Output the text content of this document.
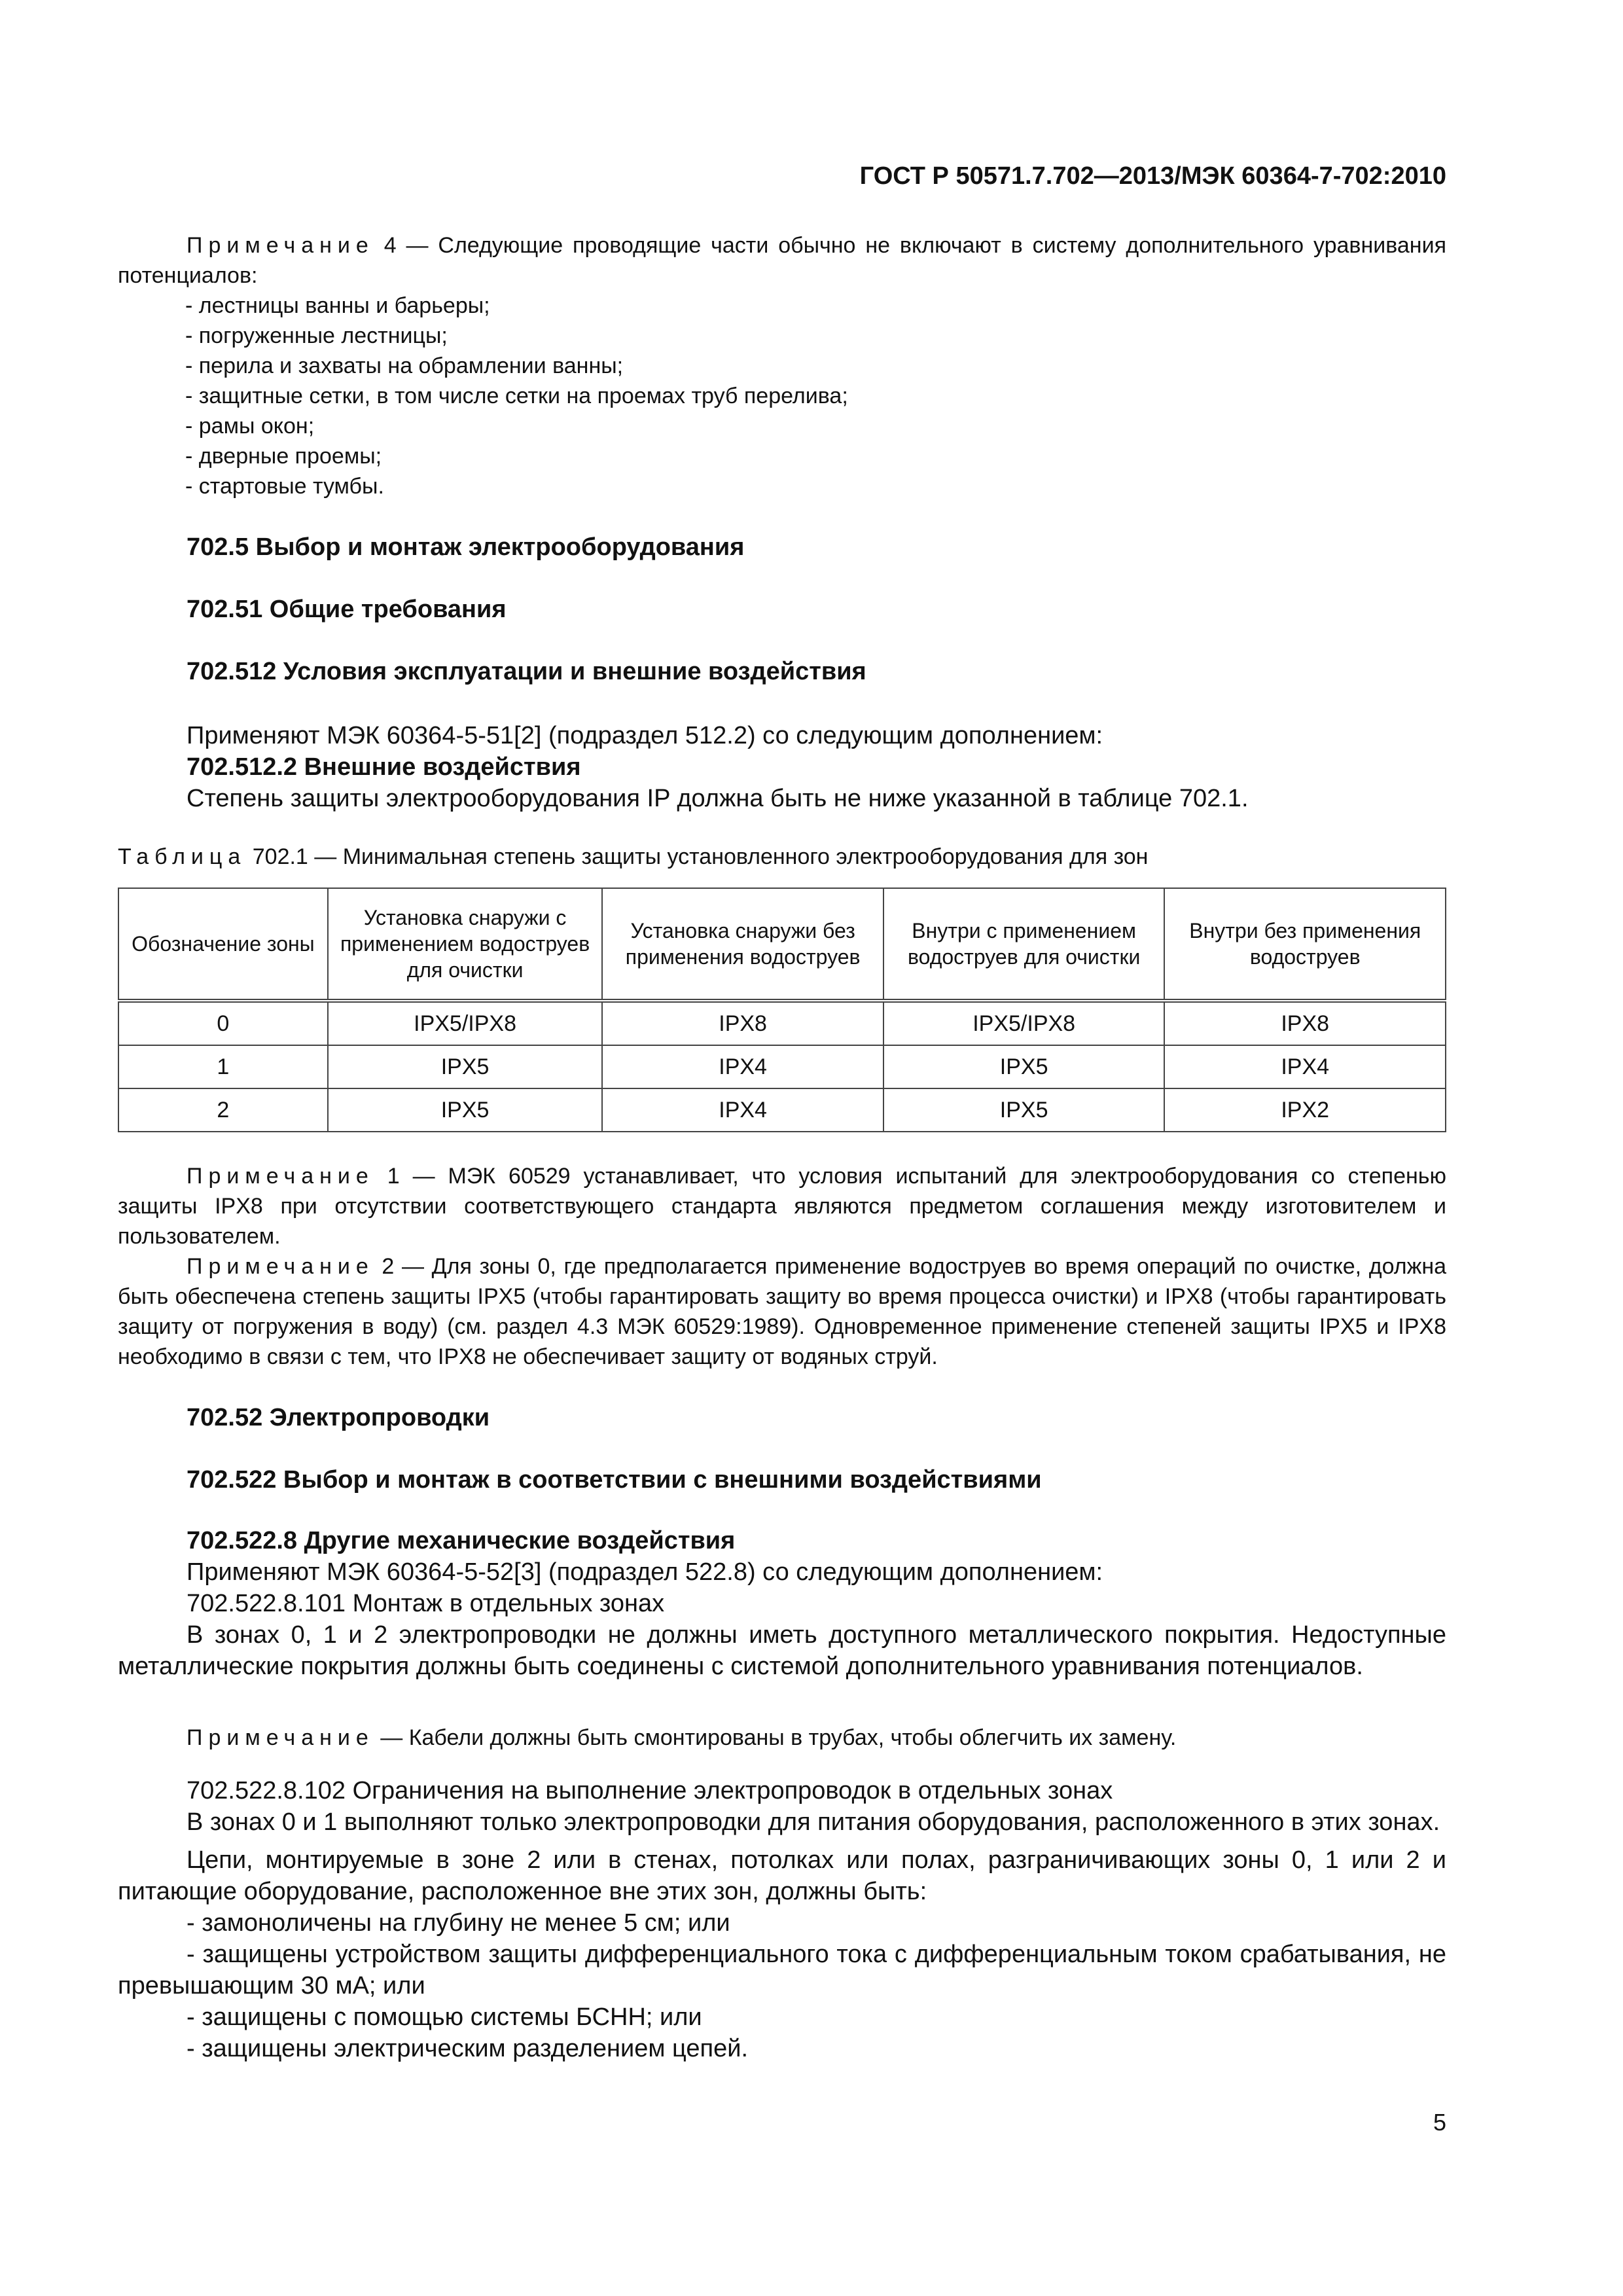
ГОСТ Р 50571.7.702—2013/МЭК 60364-7-702:2010
Примечание 4 — Следующие проводящие части обычно не включают в систему дополнительного уравнивания потенциалов:

- лестницы ванны и барьеры;

- погруженные лестницы;

- перила и захваты на обрамлении ванны;

- защитные сетки, в том числе сетки на проемах труб перелива;

- рамы окон;

- дверные проемы;

- стартовые тумбы.

702.5 Выбор и монтаж электрооборудования
702.51 Общие требования
702.512 Условия эксплуатации и внешние воздействия

Применяют МЭК 60364-5-51[2] (подраздел 512.2) со следующим дополнением:

702.512.2 Внешние воздействия

Степень защиты электрооборудования IP должна быть не ниже указанной в таблице 702.1.

Таблица 702.1 — Минимальная степень защиты установленного электрооборудования для зон
Обозначение зоны	Установка снаружи с применением водоструев для очистки	Установка снаружи без применения водоструев	Внутри с применением водоструев для очистки	Внутри без применения водоструев
0	IPX5/IPX8	IPX8	IPX5/IPX8	IPX8
1	IPX5	IPX4	IPX5	IPX4
2	IPX5	IPX4	IPX5	IPX2
Примечание 1 — МЭК 60529 устанавливает, что условия испытаний для электрооборудования со степенью защиты IPX8 при отсутствии соответствующего стандарта являются предметом соглашения между изготовителем и пользователем.
Примечание 2 — Для зоны 0, где предполагается применение водоструев во время операций по очистке, должна быть обеспечена степень защиты IPX5 (чтобы гарантировать защиту во время процесса очистки) и IPX8 (чтобы гарантировать защиту от погружения в воду) (см. раздел 4.3 МЭК 60529:1989). Одновременное применение степеней защиты IPX5 и IPX8 необходимо в связи с тем, что IPX8 не обеспечивает защиту от водяных струй.
702.52 Электропроводки
702.522 Выбор и монтаж в соответствии с внешними воздействиями

702.522.8 Другие механические воздействия

Применяют МЭК 60364-5-52[3] (подраздел 522.8) со следующим дополнением:

702.522.8.101 Монтаж в отдельных зонах

В зонах 0, 1 и 2 электропроводки не должны иметь доступного металлического покрытия. Недоступные металлические покрытия должны быть соединены с системой дополнительного уравнивания потенциалов.

Примечание — Кабели должны быть смонтированы в трубах, чтобы облегчить их замену.

702.522.8.102 Ограничения на выполнение электропроводок в отдельных зонах

В зонах 0 и 1 выполняют только электропроводки для питания оборудования, расположенного в этих зонах.

Цепи, монтируемые в зоне 2 или в стенах, потолках или полах, разграничивающих зоны 0, 1 или 2 и питающие оборудование, расположенное вне этих зон, должны быть:

- замоноличены на глубину не менее 5 см; или

- защищены устройством защиты дифференциального тока с дифференциальным током срабатывания, не превышающим 30 мА; или

- защищены с помощью системы БСНН; или

- защищены электрическим разделением цепей.

5
